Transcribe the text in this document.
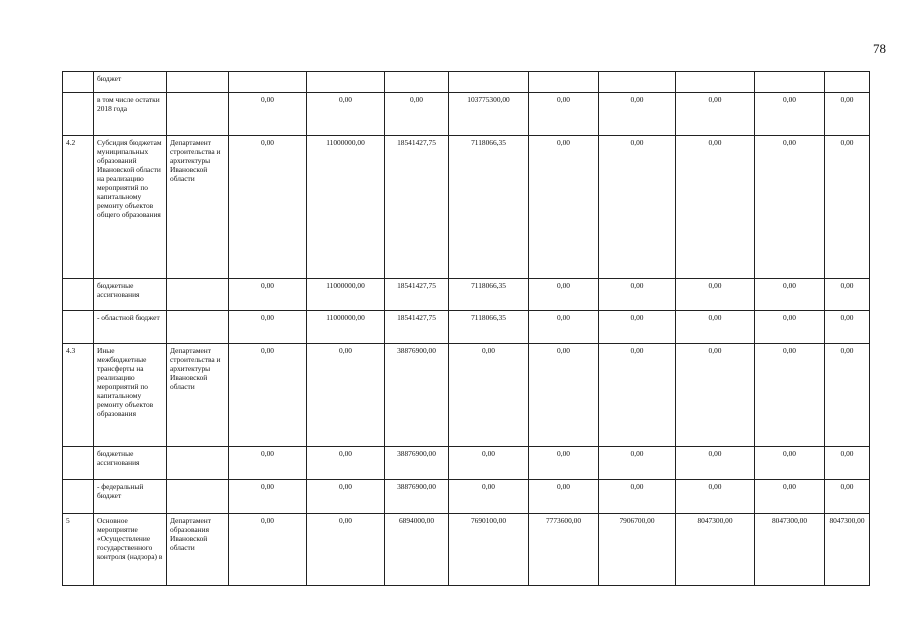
78
	бюджет										
	в том числе остатки 2018 года		0,00	0,00	0,00	103775300,00	0,00	0,00	0,00	0,00	0,00
4.2	Субсидия бюджетам муниципальных образований Ивановской области на реализацию мероприятий по капитальному ремонту объектов общего образования	Департамент строительства и архитектуры Ивановской области	0,00	11000000,00	18541427,75	7118066,35	0,00	0,00	0,00	0,00	0,00
	бюджетные ассигнования		0,00	11000000,00	18541427,75	7118066,35	0,00	0,00	0,00	0,00	0,00
	- областной бюджет		0,00	11000000,00	18541427,75	7118066,35	0,00	0,00	0,00	0,00	0,00
4.3	Иные межбюджетные трансферты на реализацию мероприятий по капитальному ремонту объектов образования	Департамент строительства и архитектуры Ивановской области	0,00	0,00	38876900,00	0,00	0,00	0,00	0,00	0,00	0,00
	бюджетные ассигнования		0,00	0,00	38876900,00	0,00	0,00	0,00	0,00	0,00	0,00
	- федеральный бюджет		0,00	0,00	38876900,00	0,00	0,00	0,00	0,00	0,00	0,00
5	Основное мероприятие «Осуществление государственного контроля (надзора) в	Департамент образования Ивановской области	0,00	0,00	6894000,00	7690100,00	7773600,00	7906700,00	8047300,00	8047300,00	8047300,00
